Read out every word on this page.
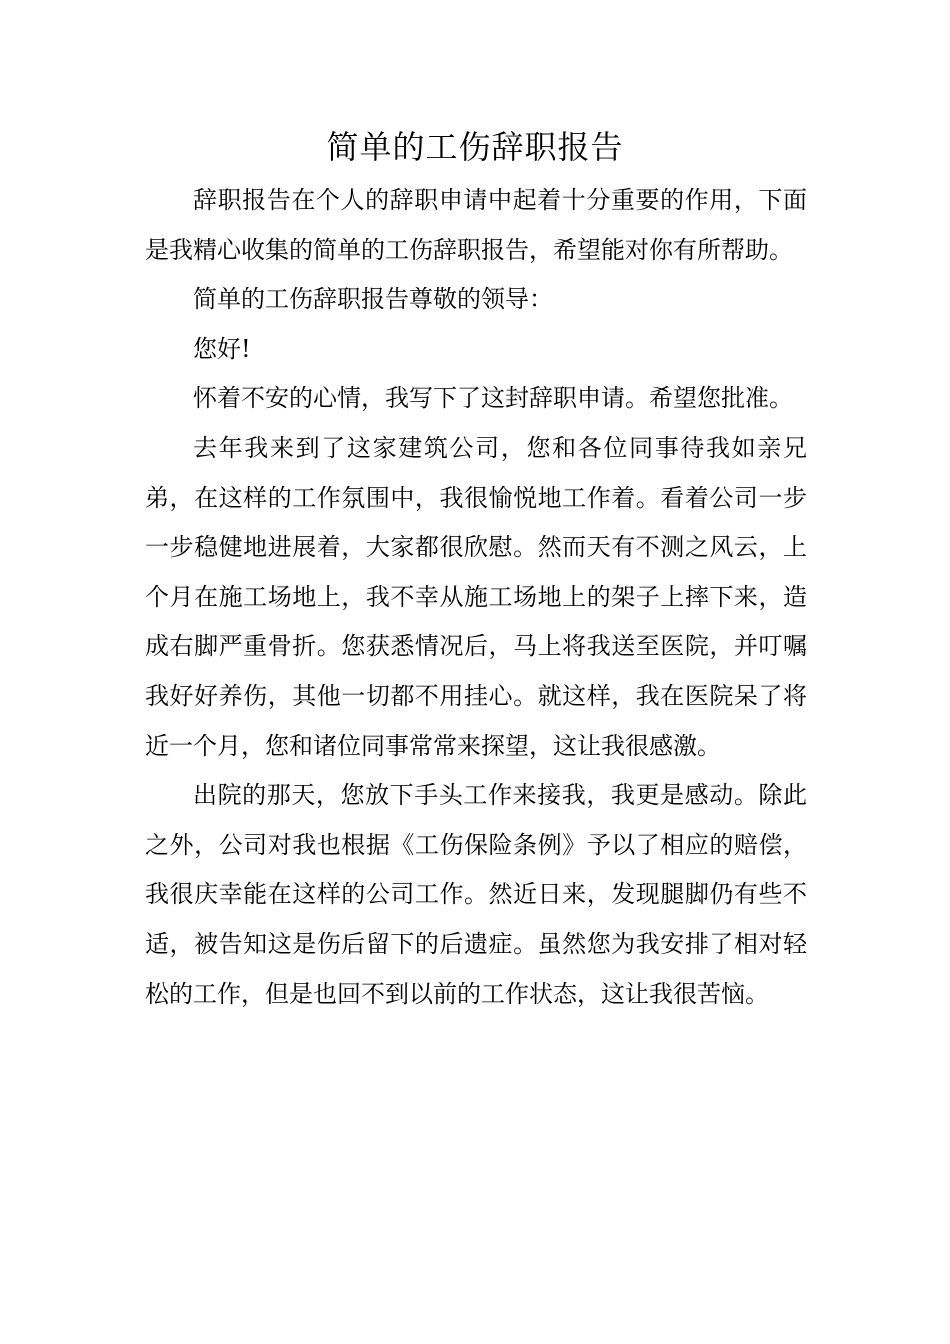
简单的工伤辞职报告

辞职报告在个人的辞职申请中起着十分重要的作用，下面是我精心收集的简单的工伤辞职报告，希望能对你有所帮助。

简单的工伤辞职报告尊敬的领导：

您好!

怀着不安的心情，我写下了这封辞职申请。希望您批准。

去年我来到了这家建筑公司，您和各位同事待我如亲兄弟，在这样的工作氛围中，我很愉悦地工作着。看着公司一步一步稳健地进展着，大家都很欣慰。然而天有不测之风云，上个月在施工场地上，我不幸从施工场地上的架子上摔下来，造成右脚严重骨折。您获悉情况后，马上将我送至医院，并叮嘱我好好养伤，其他一切都不用挂心。就这样，我在医院呆了将近一个月，您和诸位同事常常来探望，这让我很感激。

出院的那天，您放下手头工作来接我，我更是感动。除此之外，公司对我也根据《工伤保险条例》予以了相应的赔偿，我很庆幸能在这样的公司工作。然近日来，发现腿脚仍有些不适，被告知这是伤后留下的后遗症。虽然您为我安排了相对轻松的工作，但是也回不到以前的工作状态，这让我很苦恼。
